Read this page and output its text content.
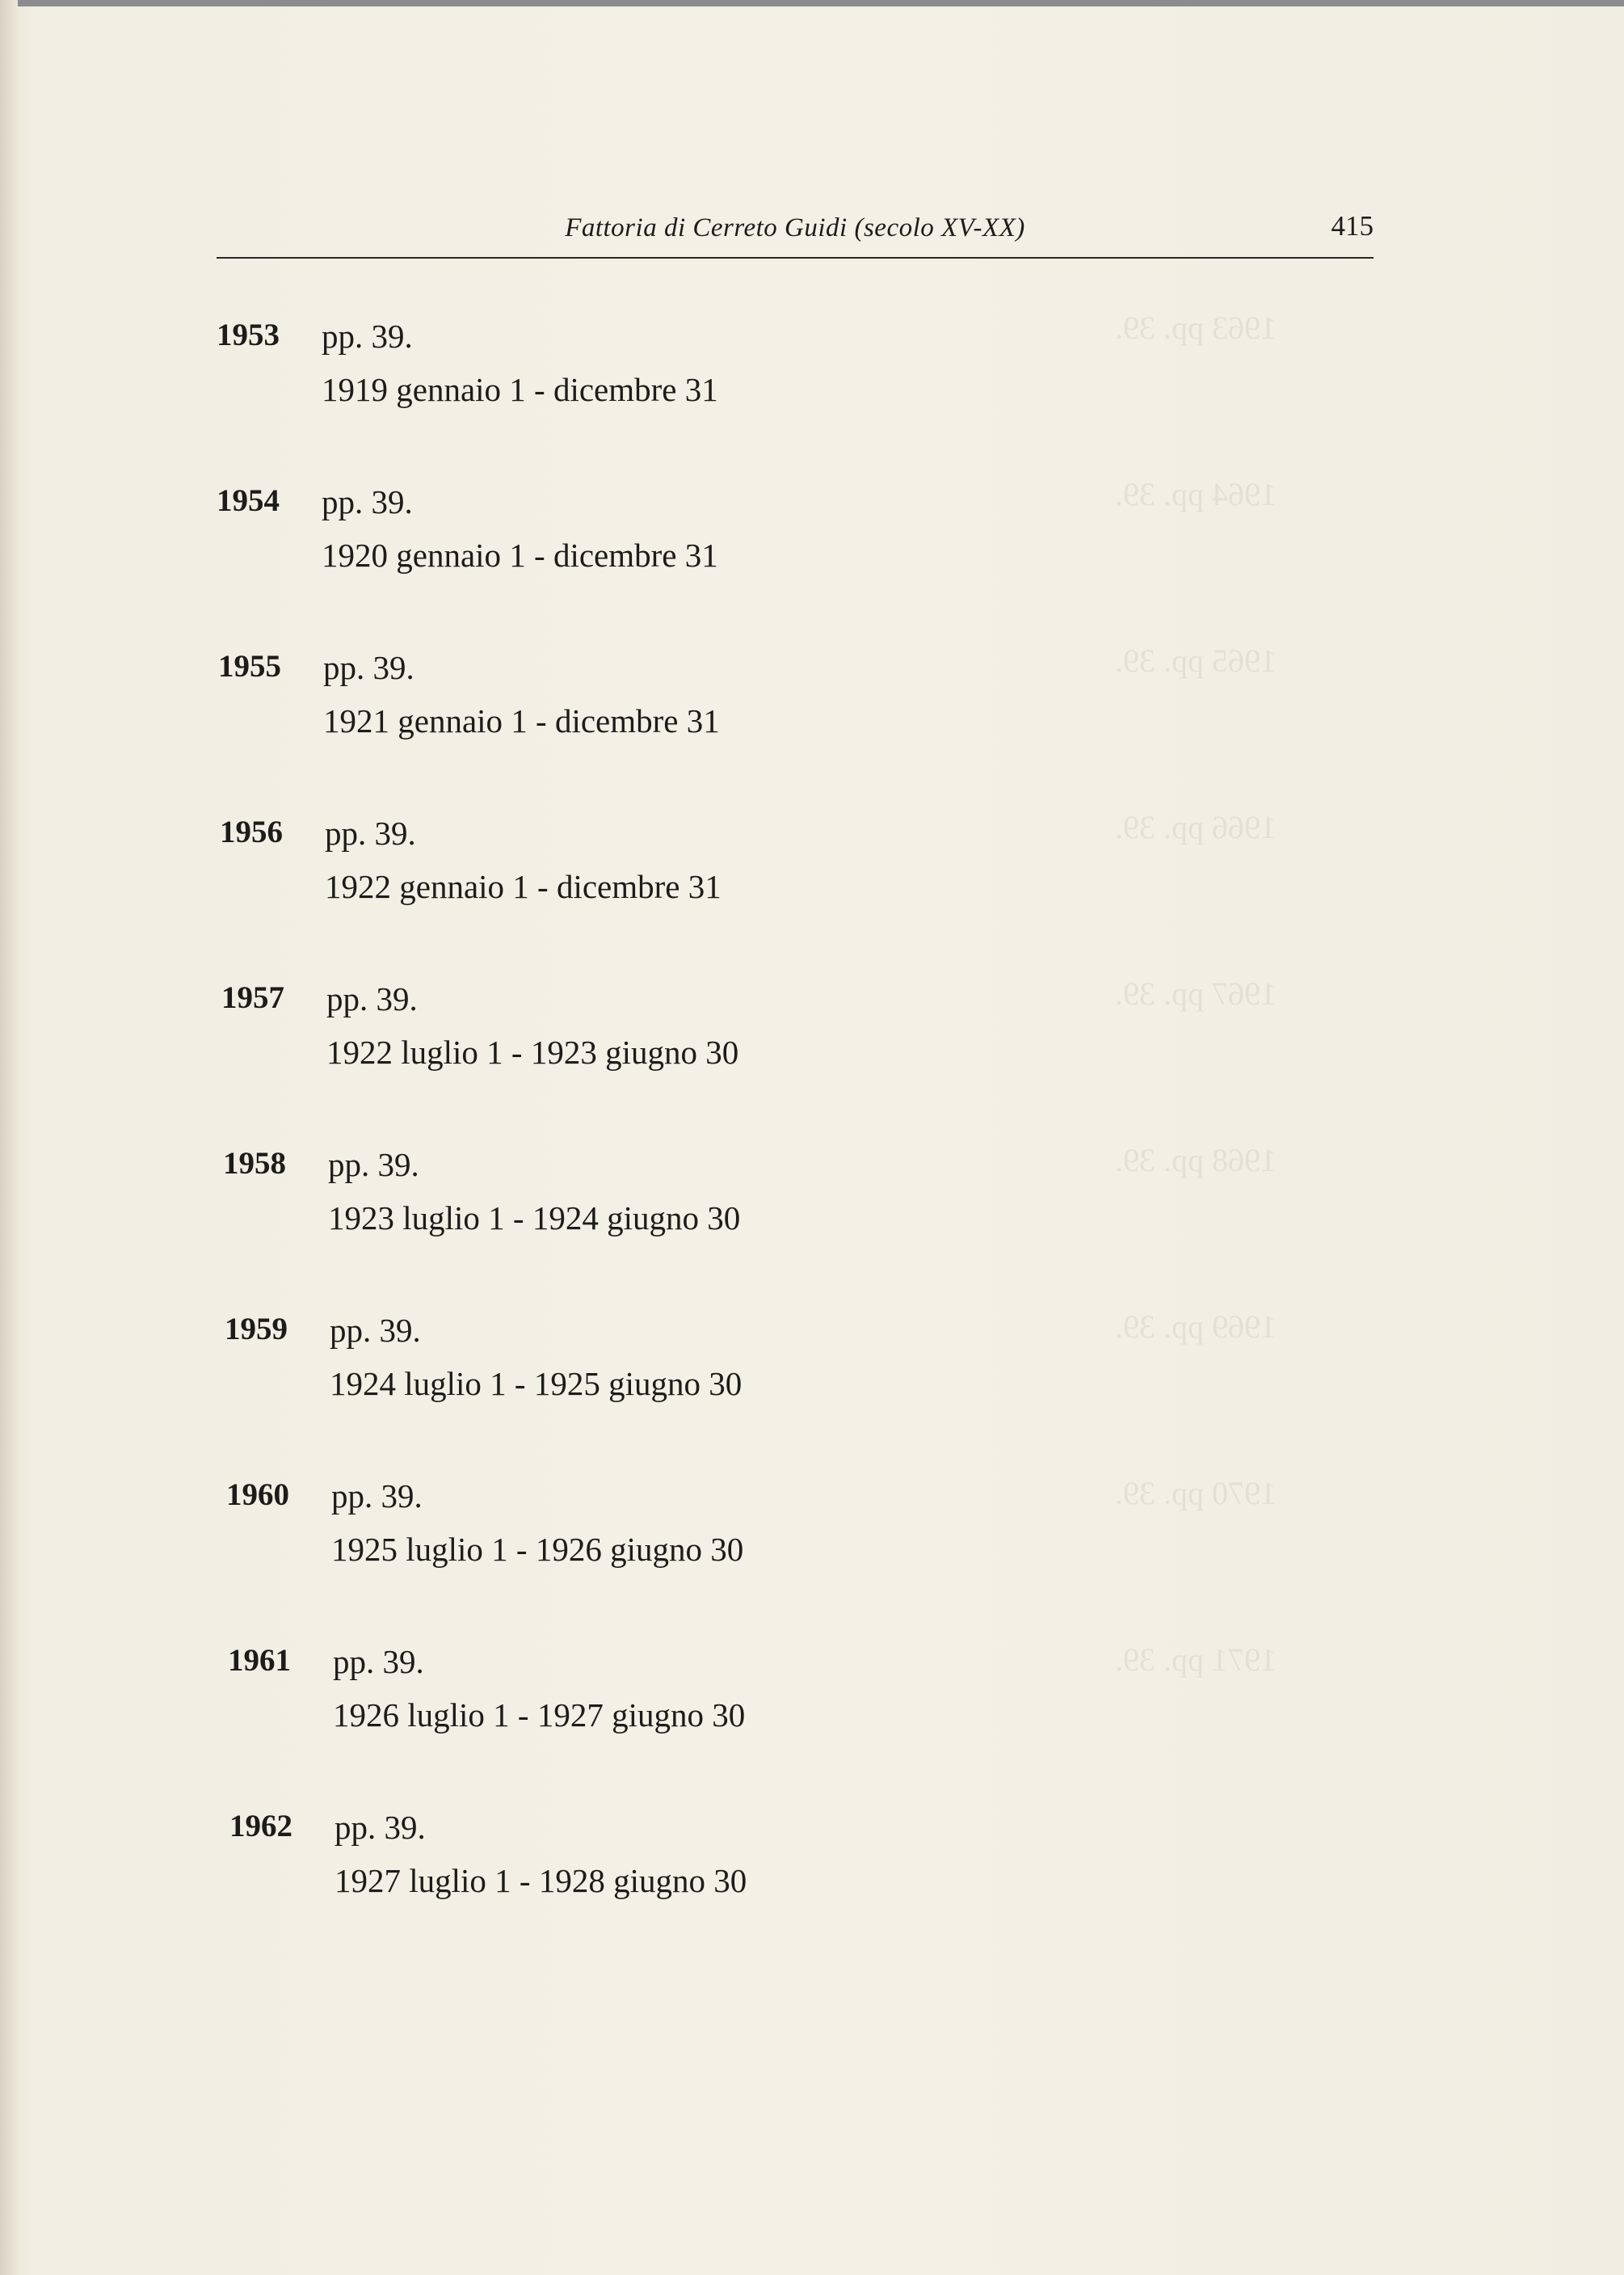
1963 pp. 39.
1964 pp. 39.
1965 pp. 39.
1966 pp. 39.
1967 pp. 39.
1968 pp. 39.
1969 pp. 39.
1970 pp. 39.
1971 pp. 39.
Fattoria di Cerreto Guidi (secolo XV-XX)	415
1953 pp. 39.
1919 gennaio 1 - dicembre 31
1954 pp. 39.
1920 gennaio 1 - dicembre 31
1955 pp. 39.
1921 gennaio 1 - dicembre 31
1956 pp. 39.
1922 gennaio 1 - dicembre 31
1957 pp. 39.
1922 luglio 1 - 1923 giugno 30
1958 pp. 39.
1923 luglio 1 - 1924 giugno 30
1959 pp. 39.
1924 luglio 1 - 1925 giugno 30
1960 pp. 39.
1925 luglio 1 - 1926 giugno 30
1961 pp. 39.
1926 luglio 1 - 1927 giugno 30
1962 pp. 39.
1927 luglio 1 - 1928 giugno 30
